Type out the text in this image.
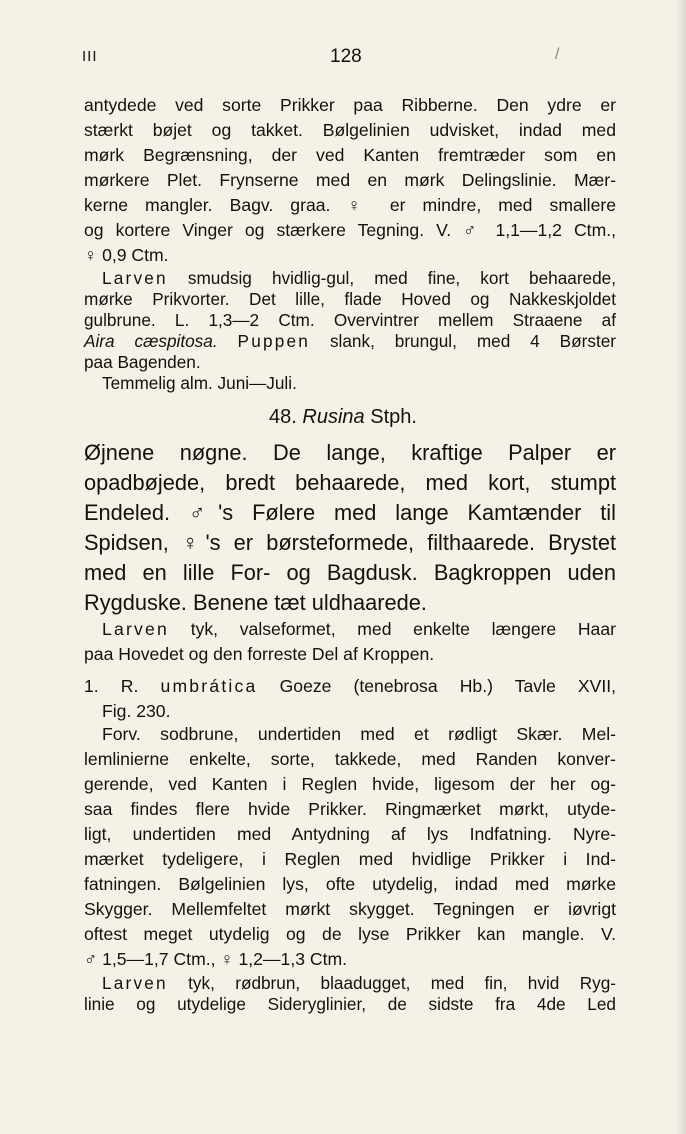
III	128	/
antydede ved sorte Prikker paa Ribberne. Den ydre er
stærkt bøjet og takket. Bølgelinien udvisket, indad med
mørk Begrænsning, der ved Kanten fremtræder som en
mørkere Plet. Frynserne med en mørk Delingslinie. Mær-
kerne mangler. Bagv. graa. ♀ er mindre, med smallere
og kortere Vinger og stærkere Tegning. V. ♂ 1,1—1,2 Ctm.,
♀ 0,9 Ctm.
Larven smudsig hvidlig-gul, med fine, kort behaarede,
mørke Prikvorter. Det lille, flade Hoved og Nakkeskjoldet
gulbrune. L. 1,3—2 Ctm. Overvintrer mellem Straaene af
Aira cæspitosa. Puppen slank, brungul, med 4 Børster
paa Bagenden.
Temmelig alm. Juni—Juli.
48. Rusina Stph.
Øjnene nøgne. De lange, kraftige Palper er
opadbøjede, bredt behaarede, med kort, stumpt
Endeled. ♂'s Følere med lange Kamtænder til
Spidsen, ♀'s er børsteformede, filthaarede. Brystet
med en lille For- og Bagdusk. Bagkroppen uden
Rygduske. Benene tæt uldhaarede.
Larven tyk, valseformet, med enkelte længere Haar
paa Hovedet og den forreste Del af Kroppen.
1. R. umbrática Goeze (tenebrosa Hb.) Tavle XVII,
Fig. 230.
Forv. sodbrune, undertiden med et rødligt Skær. Mel-
lemlinierne enkelte, sorte, takkede, med Randen konver-
gerende, ved Kanten i Reglen hvide, ligesom der her og-
saa findes flere hvide Prikker. Ringmærket mørkt, utyde-
ligt, undertiden med Antydning af lys Indfatning. Nyre-
mærket tydeligere, i Reglen med hvidlige Prikker i Ind-
fatningen. Bølgelinien lys, ofte utydelig, indad med mørke
Skygger. Mellemfeltet mørkt skygget. Tegningen er iøvrigt
oftest meget utydelig og de lyse Prikker kan mangle. V.
♂ 1,5—1,7 Ctm., ♀ 1,2—1,3 Ctm.
Larven tyk, rødbrun, blaadugget, med fin, hvid Ryg-
linie og utydelige Sideryglinier, de sidste fra 4de Led
